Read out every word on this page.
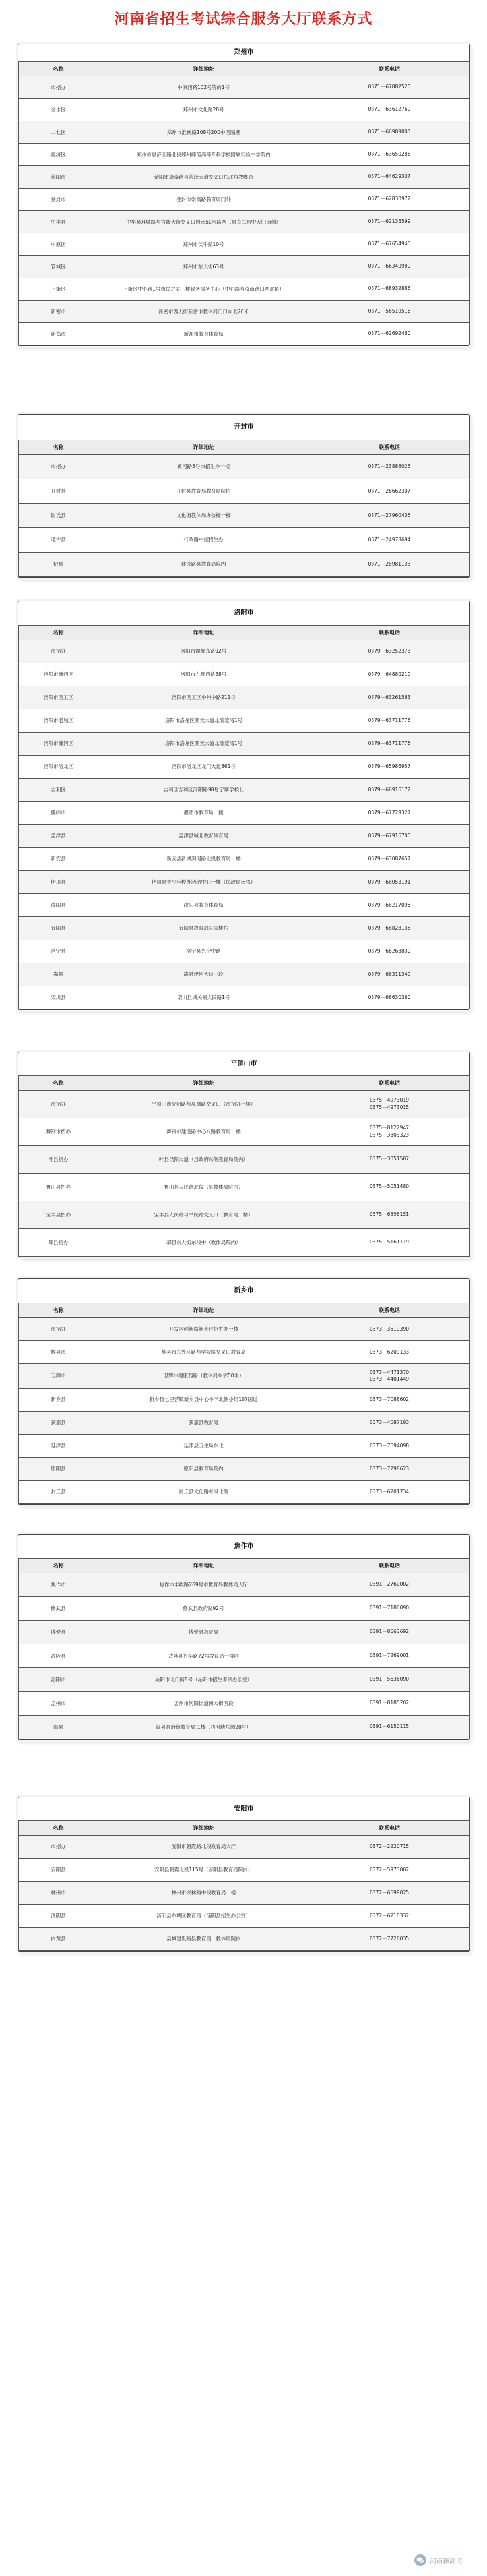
河南省招生考试综合服务大厅联系方式
郑州市
名称	详细地址	联系电话
市招办	中原西路102号院的1号	0371－67882520

金水区	郑州市文化路28号	0371－63612769

二七区	郑州市淮南路108号200中西隔壁	0371－66989003

惠济区	郑州市惠济园路北段郑州师范高等专科学校附属实验中学院内	0371－63650286

荥阳市	荥阳市康泰路与荥泽大道交叉口东北角教体局	0371－64629307

登封市	登封市崇高路教育局门外	0371－62830972

中牟县	中牟县环城路与官渡大街交叉口向南50米路西（县直二初中大门南侧）	0371－62135599

中原区	郑州市伏牛路10号	0371－67654945

管城区	郑州市东大街63号	0371－66340989

上街区	上街区中心路1号市民之家三楼政务服务中心（中心路与汝南路口西北角）	0371－68932886

新密市	新密市西大街新密市教体局门口向北20米	0371－56519516

新郑市	新郑市教育体育局	0371－62692460
开封市
名称	详细地址	联系电话
市招办	黄河路5号市招生办一楼	0371－23886025

开封县	开封县教育局教育局院内	0371－26662307

尉氏县	文化街教体局办公楼一楼	0371－27960405

通许县	行政路中招招生办	0371－24973694

杞县	建设路县教育局院内	0371－28981133
洛阳市
名称	详细地址	联系电话
市招办	洛阳市凯旋东路92号	0379－63252373

洛阳市瀍西区	洛阳市九都西路38号	0379－64880219

洛阳市西工区	洛阳市西工区中州中路211号	0379－63261563

洛阳市老城区	洛阳市洛龙区開元大道龙瑞菱湾1号	0379－63711776

洛阳市瀍河区	洛阳市洛龙区開元大道龙瑞菱湾1号	0379－63711776

洛阳市洛龙区	洛阳市洛龙区龙门大道861号	0379－65986957

吉利区	吉利区吉利区河阳路98号宁寨学校北	0379－66916172

偃师市	偃师市教育局一楼	0379－67729327

孟津县	孟津县城北教育体育局	0379－67916700

新安县	新安县新城涧河路北段教育局一楼	0379－63087657

伊川县	伊川县青少年校外活动中心一楼（民政局南邻）	0379－68053191

汝阳县	汝阳县教育体育局	0379－68217095

宜阳县	宜阳县教育局办公楼东	0379－68823135

洛宁县	洛宁县兴宁中路	0379－66263830

嵩县	嵩县伊河大道中段	0379－66311349

栾川县	栾川县城关镇人民路1号	0379－66630360
平顶山市
名称	详细地址	联系电话
市招办	平顶山市光明路与凤凰路交叉口（市招办一楼）	0375－4973019
0375－4973015

舞钢市招办	舞钢市建设路中心八路教育局一楼	0375－8122947
0375－3303323

叶县招办	叶县昆阳大道（县政府东侧教育局院内）	0375－3051507

鲁山县招办	鲁山县人民路北段（县教体局院内）	0375－5051480

宝丰县招办	宝丰县人民路与书院路交叉口（教育局一楼）	0375－6596151

郏县招办	郏县东大街东段中（教体局院内）	0375－5161119
新乡市
名称	详细地址	联系电话
市招办	开发区创新路新乡市招生办一楼	0373－3519390

辉县市	辉县市东外环路与学院路交叉口教育局	0373－6209133

卫辉市	卫辉市健康西路（教体局东邻50米）	0373－4471370
0373－4401449

新乡县	新乡县七里营镇新乡县中心小学北侧小组107国道	0373－7088602

获嘉县	获嘉县教育局	0373－4587193

延津县	延津县卫生局东北	0373－7694098

原阳县	原阳县教育局院内	0373－7298623

封丘县	封丘县文化路东段北侧	0373－6201734
焦作市
名称	详细地址	联系电话
焦作市	焦作市丰收路269号市教育局教体局大厅	0391－2760002

修武县	修武县政府路92号	0391－7186090

博爱县	博爱县教育局	0391－8663692

武陟县	武陟县兴华路72号教育局一楼西	0391－7269001

沁阳市	沁阳市北门街8号（沁阳市招生考试办公室）	0391－5636090

孟州市	孟州市河阳街道南大街西段	0391－8185202

温县	温县县府街教育局二楼（西河塘东侧20号）	0391－6150115
安阳市
名称	详细地址	联系电话
市招办	安阳市朝霞路北段教育局大厅	0372－2220715

安阳县	安阳县朝霞北段115号（安阳县教育局院内）	0372－5973002

林州市	林州市兴林路中段教育局一楼	0372－6699025

汤阴县	汤阴县东城区教育局（汤阴县招生办公室）	0372－6210332

内黄县	县城建设路县教育局、教体局院内	0372－7726035
河南赖高考
